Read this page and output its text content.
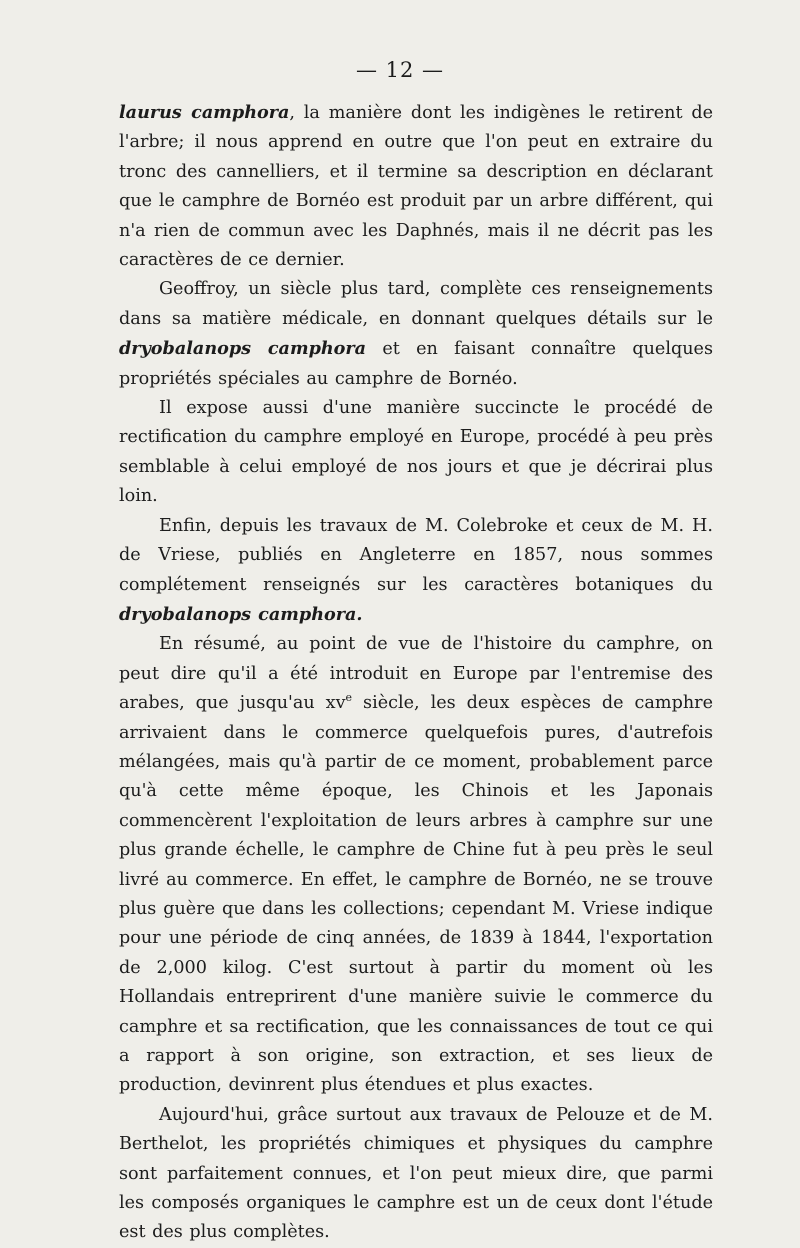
— 12 —

laurus camphora, la manière dont les indigènes le retirent de l'arbre; il nous apprend en outre que l'on peut en extraire du tronc des cannelliers, et il termine sa description en déclarant que le camphre de Bornéo est produit par un arbre différent, qui n'a rien de commun avec les Daphnés, mais il ne décrit pas les caractères de ce dernier.

Geoffroy, un siècle plus tard, complète ces renseignements dans sa matière médicale, en donnant quelques détails sur le dryobalanops camphora et en faisant connaître quelques propriétés spéciales au camphre de Bornéo.

Il expose aussi d'une manière succincte le procédé de rectification du camphre employé en Europe, procédé à peu près semblable à celui employé de nos jours et que je décrirai plus loin.

Enfin, depuis les travaux de M. Colebroke et ceux de M. H. de Vriese, publiés en Angleterre en 1857, nous sommes complétement renseignés sur les caractères botaniques du dryobalanops camphora.

En résumé, au point de vue de l'histoire du camphre, on peut dire qu'il a été introduit en Europe par l'entremise des arabes, que jusqu'au $xv^e$ siècle, les deux espèces de camphre arrivaient dans le commerce quelquefois pures, d'autrefois mélangées, mais qu'à partir de ce moment, probablement parce qu'à cette même époque, les Chinois et les Japonais commencèrent l'exploitation de leurs arbres à camphre sur une plus grande échelle, le camphre de Chine fut à peu près le seul livré au commerce. En effet, le camphre de Bornéo, ne se trouve plus guère que dans les collections; cependant M. Vriese indique pour une période de cinq années, de 1839 à 1844, l'exportation de 2,000 kilog. C'est surtout à partir du moment où les Hollandais entreprirent d'une manière suivie le commerce du camphre et sa rectification, que les connaissances de tout ce qui a rapport à son origine, son extraction, et ses lieux de production, devinrent plus étendues et plus exactes.

Aujourd'hui, grâce surtout aux travaux de Pelouze et de M. Berthelot, les propriétés chimiques et physiques du camphre sont parfaitement connues, et l'on peut mieux dire, que parmi les composés organiques le camphre est un de ceux dont l'étude est des plus complètes.
